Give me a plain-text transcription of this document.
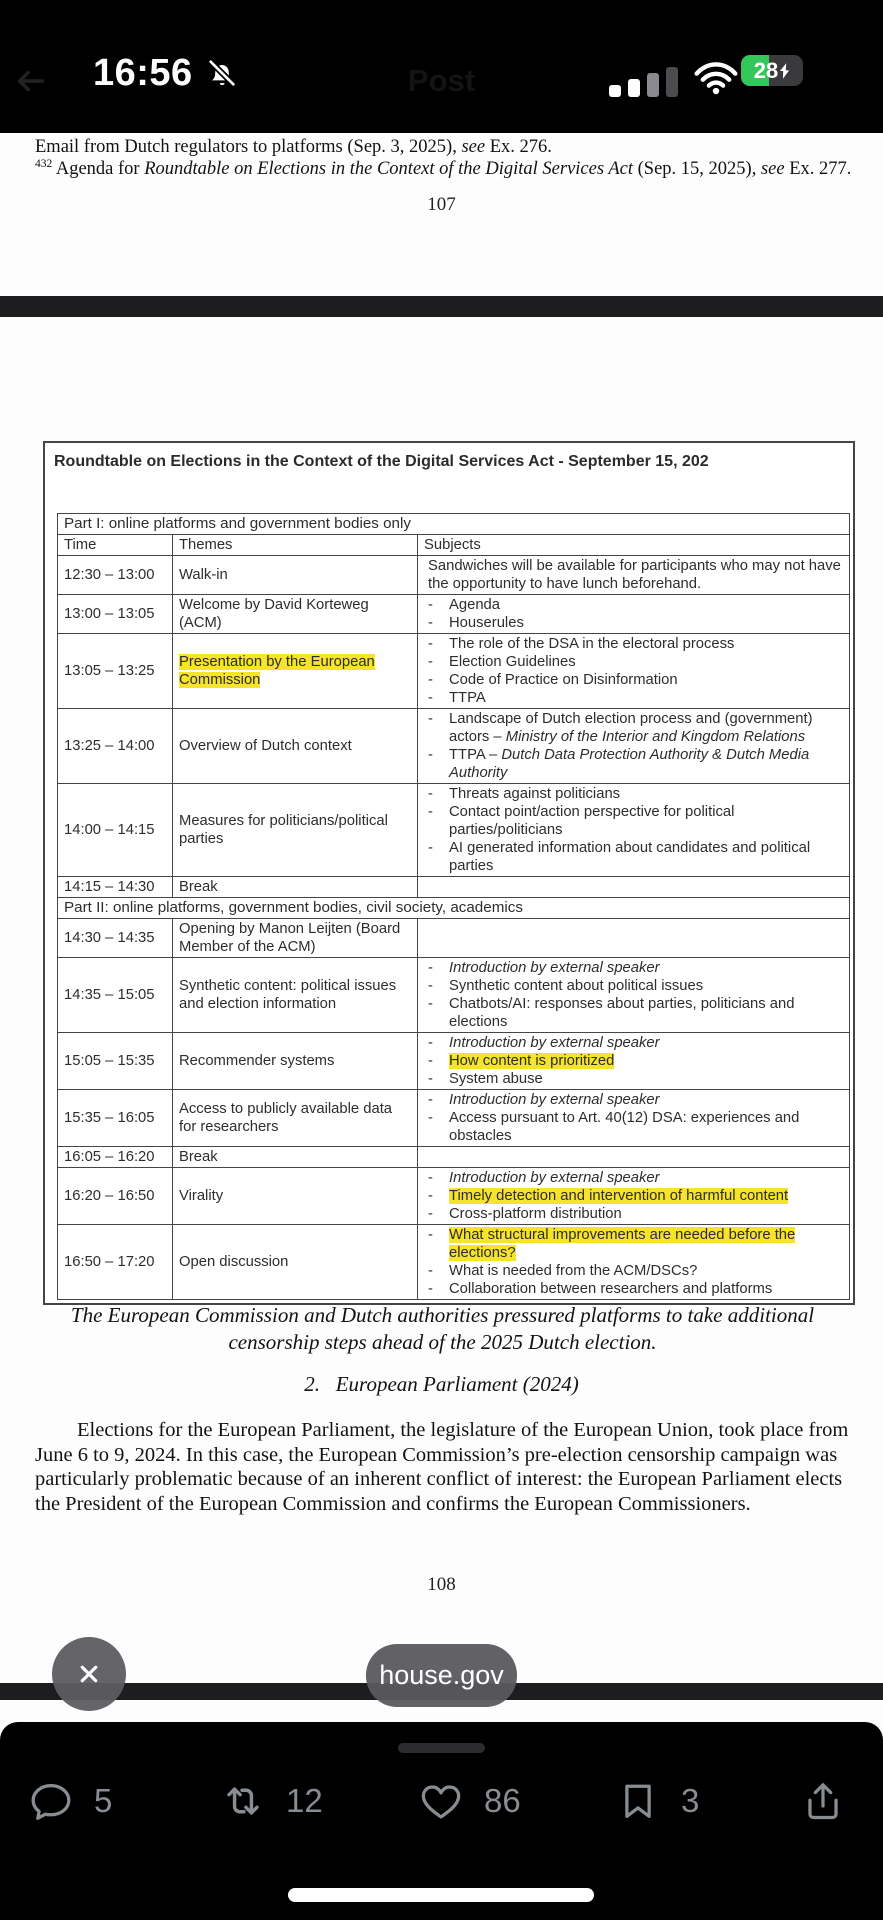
16:56	Post	28
Email from Dutch regulators to platforms (Sep. 3, 2025), see Ex. 276.
$^{432}$ Agenda for Roundtable on Elections in the Context of the Digital Services Act (Sep. 15, 2025), see Ex. 277.
107
Roundtable on Elections in the Context of the Digital Services Act - September 15, 202
Part I: online platforms and government bodies only		
Time	Themes	Subjects
12:30 – 13:00	Walk-in	Sandwiches will be available for participants who may not have the opportunity to have lunch beforehand.

13:00 – 13:05	Welcome by David Korteweg (ACM)	- Agenda
- Houserules

13:05 – 13:25	Presentation by the European Commission	
-	The role of the DSA in the electoral process
-	Election Guidelines
-	Code of Practice on Disinformation
-	TTPA

13:25 – 14:00	Overview of Dutch context	- Landscape of Dutch election process and (government) actors – Ministry of the Interior and Kingdom Relations
- TTPA – Dutch Data Protection Authority & Dutch Media Authority

14:00 – 14:15	Measures for politicians/political parties	
-	Threats against politicians
-	Contact point/action perspective for political parties/politicians
-	AI generated information about candidates and political parties

14:15 – 14:30	Break	
Part II: online platforms, government bodies, civil society, academics		
14:30 – 14:35	Opening by Manon Leijten (Board Member of the ACM)	
14:35 – 15:05	Synthetic content: political issues and election information	
-	Introduction by external speaker
-	Synthetic content about political issues
-	Chatbots/AI: responses about parties, politicians and elections

15:05 – 15:35	Recommender systems	
-	Introduction by external speaker
-	How content is prioritized
-	System abuse

15:35 – 16:05	Access to publicly available data for researchers	- Introduction by external speaker
- Access pursuant to Art. 40(12) DSA: experiences and obstacles

16:05 – 16:20	Break	
16:20 – 16:50	Virality	
-	Introduction by external speaker
-	Timely detection and intervention of harmful content
-	Cross-platform distribution

16:50 – 17:20	Open discussion	
-	What structural improvements are needed before the elections?
-	What is needed from the ACM/DSCs?
-	Collaboration between researchers and platforms
The European Commission and Dutch authorities pressured platforms to take additional censorship steps ahead of the 2025 Dutch election.
2.   European Parliament (2024)
Elections for the European Parliament, the legislature of the European Union, took place from June 6 to 9, 2024. In this case, the European Commission’s pre-election censorship campaign was particularly problematic because of an inherent conflict of interest: the European Parliament elects the President of the European Commission and confirms the European Commissioners.
108
house.gov
5	12	86	3
